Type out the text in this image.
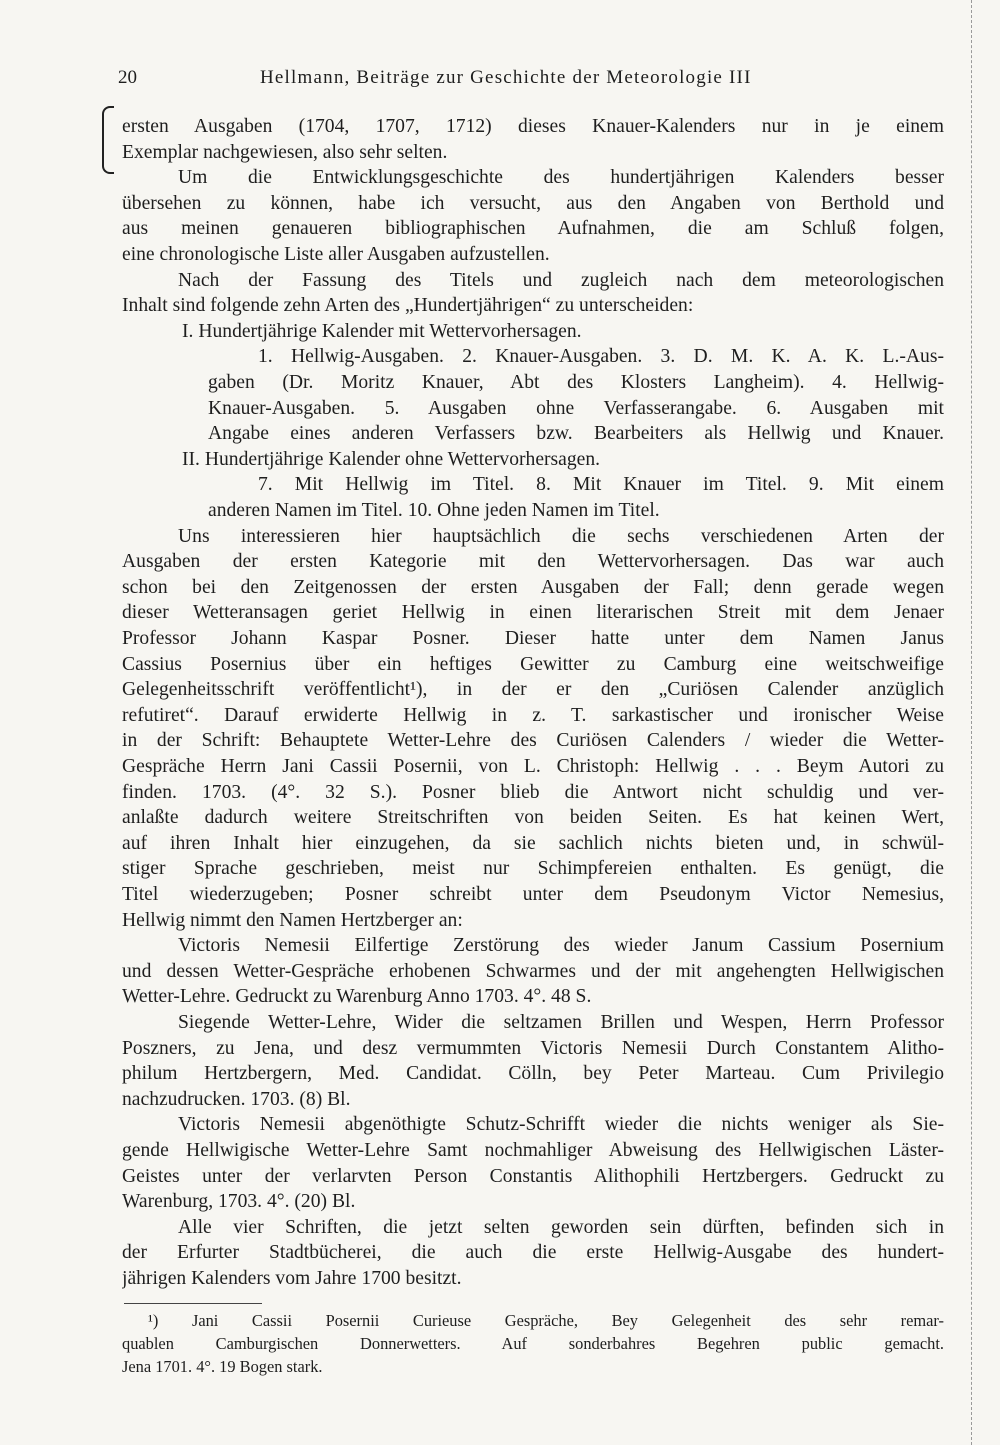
20	Hellmann, Beiträge zur Geschichte der Meteorologie III
ersten Ausgaben (1704, 1707, 1712) dieses Knauer-Kalenders nur in je einem
Exemplar nachgewiesen, also sehr selten.
Um die Entwicklungsgeschichte des hundertjährigen Kalenders besser
übersehen zu können, habe ich versucht, aus den Angaben von Berthold und
aus meinen genaueren bibliographischen Aufnahmen, die am Schluß folgen,
eine chronologische Liste aller Ausgaben aufzustellen.
Nach der Fassung des Titels und zugleich nach dem meteorologischen
Inhalt sind folgende zehn Arten des „Hundertjährigen“ zu unterscheiden:
I. Hundertjährige Kalender mit Wettervorhersagen.
1. Hellwig-Ausgaben. 2. Knauer-Ausgaben. 3. D. M. K. A. K. L.-Aus-
gaben (Dr. Moritz Knauer, Abt des Klosters Langheim). 4. Hellwig-
Knauer-Ausgaben. 5. Ausgaben ohne Verfasserangabe. 6. Ausgaben mit
Angabe eines anderen Verfassers bzw. Bearbeiters als Hellwig und Knauer.
II. Hundertjährige Kalender ohne Wettervorhersagen.
7. Mit Hellwig im Titel. 8. Mit Knauer im Titel. 9. Mit einem
anderen Namen im Titel. 10. Ohne jeden Namen im Titel.
Uns interessieren hier hauptsächlich die sechs verschiedenen Arten der
Ausgaben der ersten Kategorie mit den Wettervorhersagen. Das war auch
schon bei den Zeitgenossen der ersten Ausgaben der Fall; denn gerade wegen
dieser Wetteransagen geriet Hellwig in einen literarischen Streit mit dem Jenaer
Professor Johann Kaspar Posner. Dieser hatte unter dem Namen Janus
Cassius Posernius über ein heftiges Gewitter zu Camburg eine weitschweifige
Gelegenheitsschrift veröffentlicht¹), in der er den „Curiösen Calender anzüglich
refutiret“. Darauf erwiderte Hellwig in z. T. sarkastischer und ironischer Weise
in der Schrift: Behauptete Wetter-Lehre des Curiösen Calenders / wieder die Wetter-
Gespräche Herrn Jani Cassii Posernii, von L. Christoph: Hellwig . . . Beym Autori zu
finden. 1703. (4°. 32 S.). Posner blieb die Antwort nicht schuldig und ver-
anlaßte dadurch weitere Streitschriften von beiden Seiten. Es hat keinen Wert,
auf ihren Inhalt hier einzugehen, da sie sachlich nichts bieten und, in schwül-
stiger Sprache geschrieben, meist nur Schimpfereien enthalten. Es genügt, die
Titel wiederzugeben; Posner schreibt unter dem Pseudonym Victor Nemesius,
Hellwig nimmt den Namen Hertzberger an:
Victoris Nemesii Eilfertige Zerstörung des wieder Janum Cassium Posernium
und dessen Wetter-Gespräche erhobenen Schwarmes und der mit angehengten Hellwigischen
Wetter-Lehre. Gedruckt zu Warenburg Anno 1703. 4°. 48 S.
Siegende Wetter-Lehre, Wider die seltzamen Brillen und Wespen, Herrn Professor
Poszners, zu Jena, und desz vermummten Victoris Nemesii Durch Constantem Alitho-
philum Hertzbergern, Med. Candidat. Cölln, bey Peter Marteau. Cum Privilegio
nachzudrucken. 1703. (8) Bl.
Victoris Nemesii abgenöthigte Schutz-Schrifft wieder die nichts weniger als Sie-
gende Hellwigische Wetter-Lehre Samt nochmahliger Abweisung des Hellwigischen Läster-
Geistes unter der verlarvten Person Constantis Alithophili Hertzbergers. Gedruckt zu
Warenburg, 1703. 4°. (20) Bl.
Alle vier Schriften, die jetzt selten geworden sein dürften, befinden sich in
der Erfurter Stadtbücherei, die auch die erste Hellwig-Ausgabe des hundert-
jährigen Kalenders vom Jahre 1700 besitzt.
¹) Jani Cassii Posernii Curieuse Gespräche, Bey Gelegenheit des sehr remar-
quablen Camburgischen Donnerwetters. Auf sonderbahres Begehren public gemacht.
Jena 1701. 4°. 19 Bogen stark.
